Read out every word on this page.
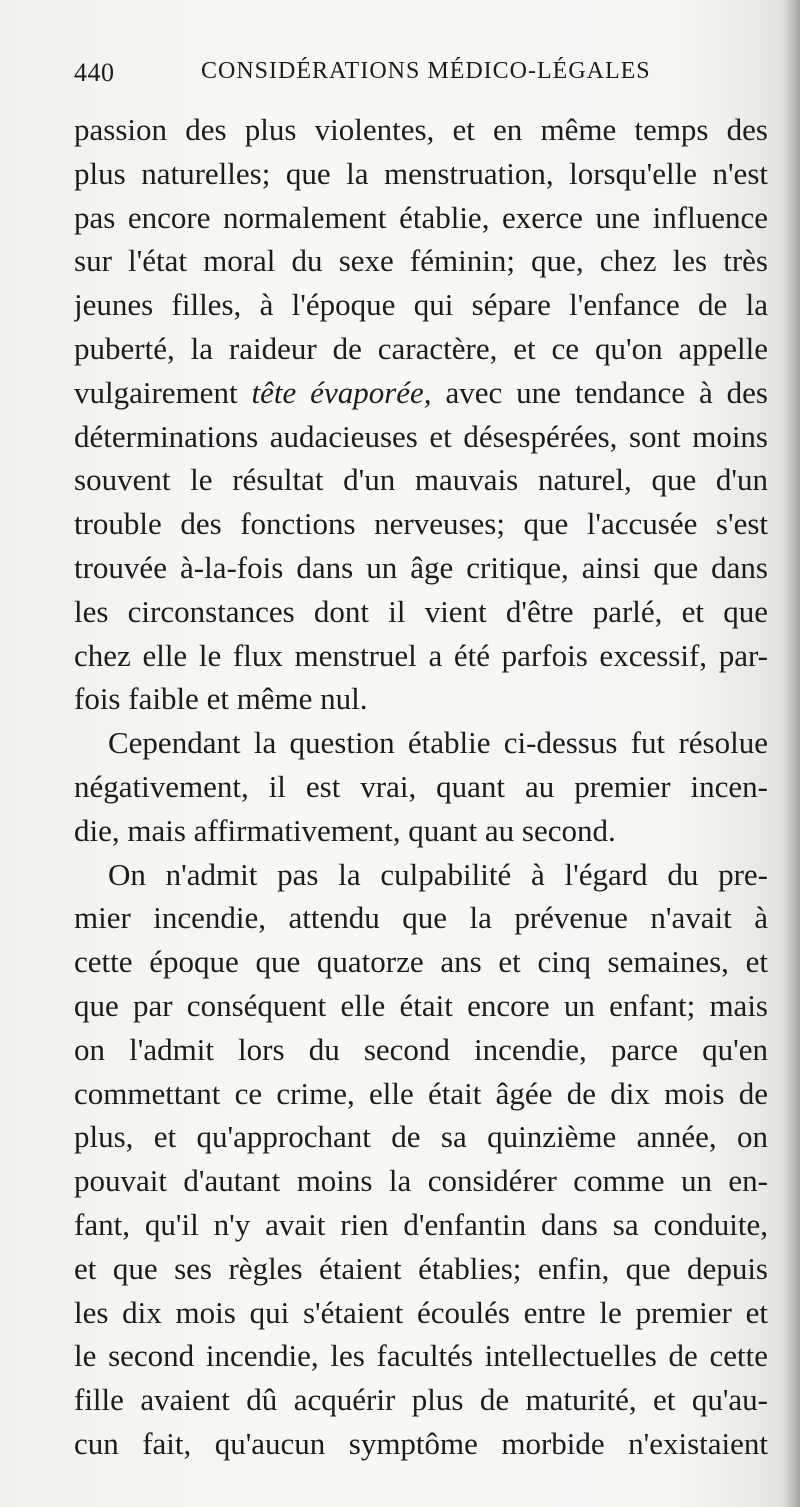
440	CONSIDÉRATIONS MÉDICO-LÉGALES
passion des plus violentes, et en même temps des
plus naturelles; que la menstruation, lorsqu'elle n'est
pas encore normalement établie, exerce une influence
sur l'état moral du sexe féminin; que, chez les très
jeunes filles, à l'époque qui sépare l'enfance de la
puberté, la raideur de caractère, et ce qu'on appelle
vulgairement tête évaporée, avec une tendance à des
déterminations audacieuses et désespérées, sont moins
souvent le résultat d'un mauvais naturel, que d'un
trouble des fonctions nerveuses; que l'accusée s'est
trouvée à-la-fois dans un âge critique, ainsi que dans
les circonstances dont il vient d'être parlé, et que
chez elle le flux menstruel a été parfois excessif, par-
fois faible et même nul.
Cependant la question établie ci-dessus fut résolue
négativement, il est vrai, quant au premier incen-
die, mais affirmativement, quant au second.
On n'admit pas la culpabilité à l'égard du pre-
mier incendie, attendu que la prévenue n'avait à
cette époque que quatorze ans et cinq semaines, et
que par conséquent elle était encore un enfant; mais
on l'admit lors du second incendie, parce qu'en
commettant ce crime, elle était âgée de dix mois de
plus, et qu'approchant de sa quinzième année, on
pouvait d'autant moins la considérer comme un en-
fant, qu'il n'y avait rien d'enfantin dans sa conduite,
et que ses règles étaient établies; enfin, que depuis
les dix mois qui s'étaient écoulés entre le premier et
le second incendie, les facultés intellectuelles de cette
fille avaient dû acquérir plus de maturité, et qu'au-
cun fait, qu'aucun symptôme morbide n'existaient
